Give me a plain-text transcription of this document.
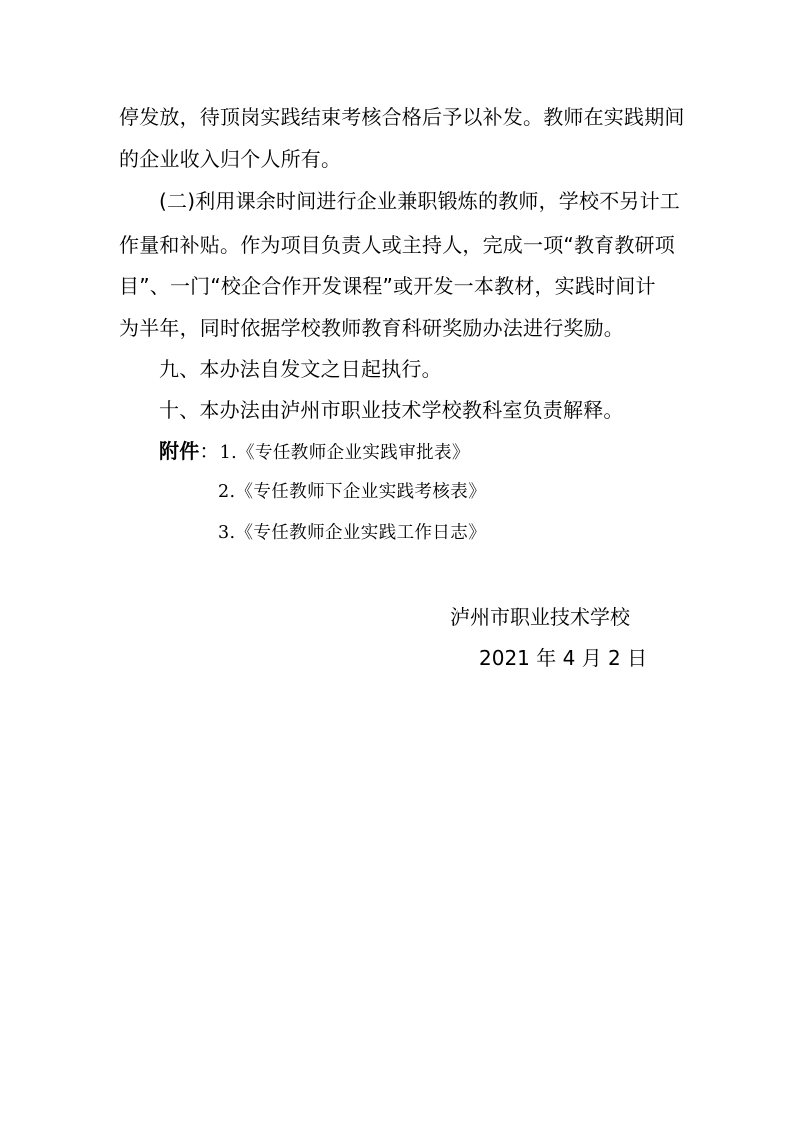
停发放，待顶岗实践结束考核合格后予以补发。教师在实践期间
的企业收入归个人所有。
(二)利用课余时间进行企业兼职锻炼的教师，学校不另计工
作量和补贴。作为项目负责人或主持人，完成一项“教育教研项
目”、一门“校企合作开发课程”或开发一本教材，实践时间计
为半年，同时依据学校教师教育科研奖励办法进行奖励。
九、本办法自发文之日起执行。
十、本办法由泸州市职业技术学校教科室负责解释。
附件：1.《专任教师企业实践审批表》
2.《专任教师下企业实践考核表》
3.《专任教师企业实践工作日志》
泸州市职业技术学校
2021 年 4 月 2 日
